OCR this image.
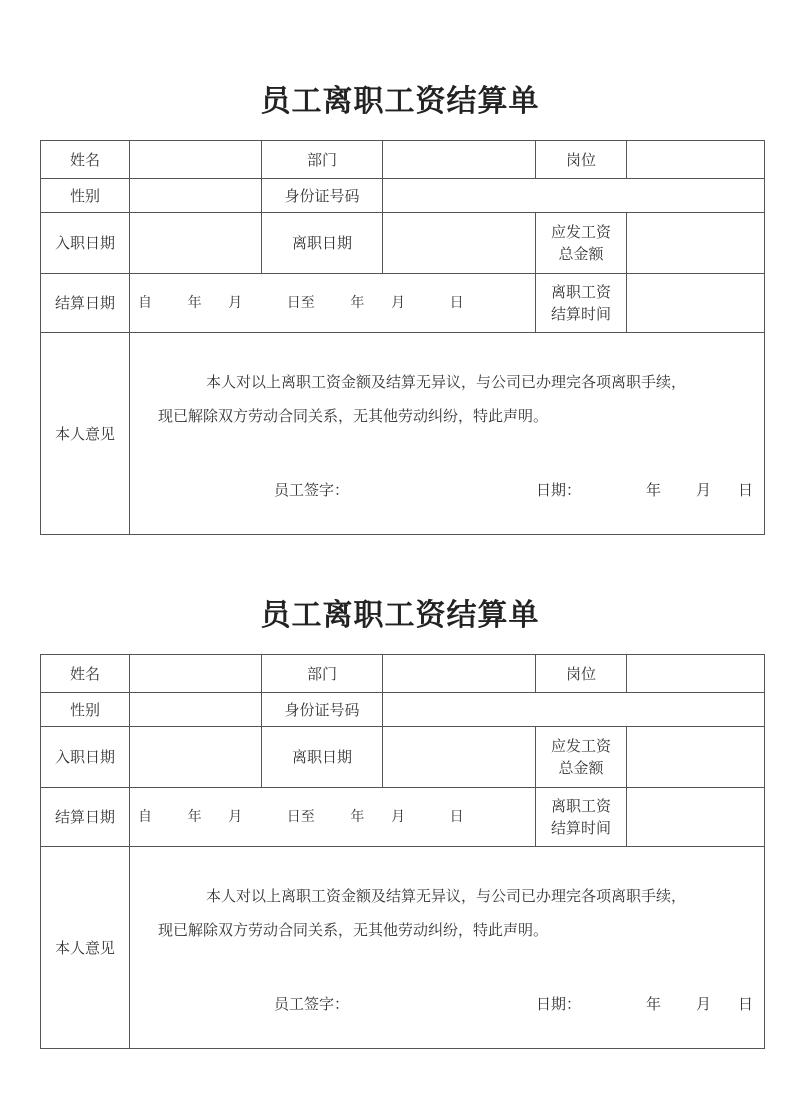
员工离职工资结算单
姓名		部门		岗位	
性别		身份证号码			
入职日期		离职日期		应发工资
总金额	
结算日期	自        年      月          日至        年      月          日			离职工资
结算时间	
本人意见	
本人对以上离职工资金额及结算无异议，与公司已办理完各项离职手续，
现已解除双方劳动合同关系，无其他劳动纠纷，特此声明。
员工签字：	日期：	年 月 日
员工离职工资结算单
姓名		部门		岗位	
性别		身份证号码			
入职日期		离职日期		应发工资
总金额	
结算日期	自        年      月          日至        年      月          日			离职工资
结算时间	
本人意见	
本人对以上离职工资金额及结算无异议，与公司已办理完各项离职手续，
现已解除双方劳动合同关系，无其他劳动纠纷，特此声明。
员工签字：	日期：	年 月 日
